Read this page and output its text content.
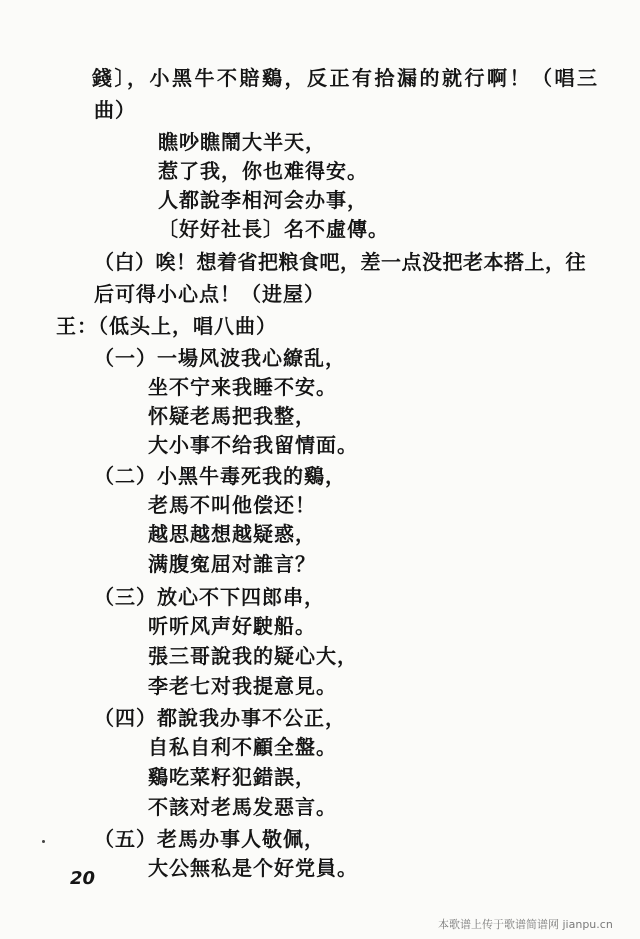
錢〕，小黑牛不賠鷄，反正有拾漏的就行啊！（唱三
曲）
瞧吵瞧鬧大半天，
惹了我，你也难得安。
人都說李相河会办事，
〔好好社長〕名不虛傳。
（白）唉！想着省把粮食吧，差一点没把老本搭上，往
后可得小心点！（进屋）
王：（低头上，唱八曲）
（一）一場风波我心繚乱，
坐不宁来我睡不安。
怀疑老馬把我整，
大小事不给我留情面。
（二）小黑牛毒死我的鷄，
老馬不叫他偿还！
越思越想越疑惑，
满腹寃屈对誰言？
（三）放心不下四郎串，
听听风声好駛船。
張三哥說我的疑心大，
李老七对我提意見。
（四）都說我办事不公正，
自私自利不顧全盤。
鷄吃菜籽犯錯誤，
不該对老馬发惡言。
（五）老馬办事人敬佩，
大公無私是个好党員。
20
本歌谱上传于歌谱简谱网 jianpu.cn
